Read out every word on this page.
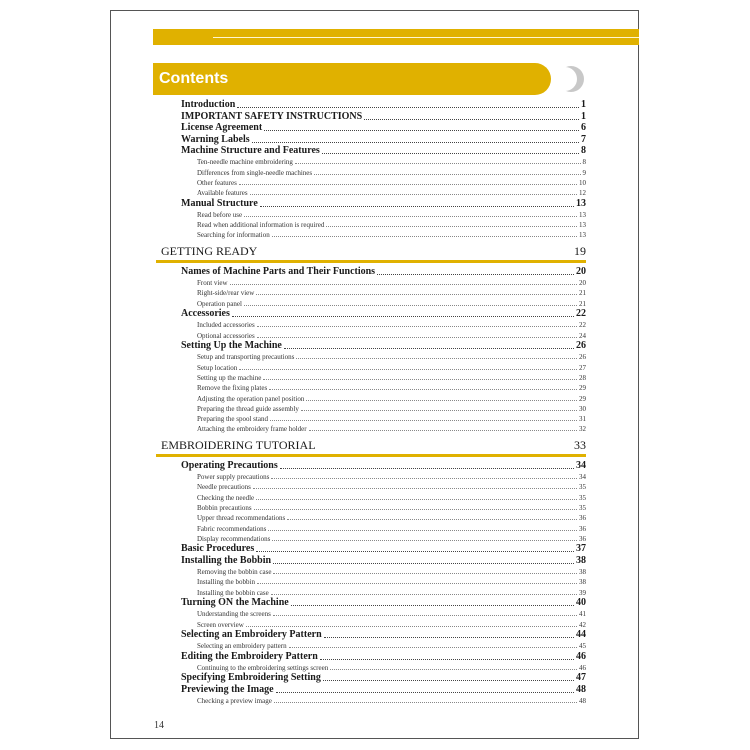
Contents
Introduction	1
IMPORTANT SAFETY INSTRUCTIONS	1
License Agreement	6
Warning Labels	7
Machine Structure and Features	8
Ten-needle machine embroidering	8
Differences from single-needle machines	9
Other features	10
Available features	12
Manual Structure	13
Read before use	13
Read when additional information is required	13
Searching for information	13
GETTING READY	19
Names of Machine Parts and Their Functions	20
Front view	20
Right-side/rear view	21
Operation panel	21
Accessories	22
Included accessories	22
Optional accessories	24
Setting Up the Machine	26
Setup and transporting precautions	26
Setup location	27
Setting up the machine	28
Remove the fixing plates	29
Adjusting the operation panel position	29
Preparing the thread guide assembly	30
Preparing the spool stand	31
Attaching the embroidery frame holder	32
EMBROIDERING TUTORIAL	33
Operating Precautions	34
Power supply precautions	34
Needle precautions	35
Checking the needle	35
Bobbin precautions	35
Upper thread recommendations	36
Fabric recommendations	36
Display recommendations	36
Basic Procedures	37
Installing the Bobbin	38
Removing the bobbin case	38
Installing the bobbin	38
Installing the bobbin case	39
Turning ON the Machine	40
Understanding the screens	41
Screen overview	42
Selecting an Embroidery Pattern	44
Selecting an embroidery pattern	45
Editing the Embroidery Pattern	46
Continuing to the embroidering settings screen	46
Specifying Embroidering Setting	47
Previewing the Image	48
Checking a preview image	48
14
